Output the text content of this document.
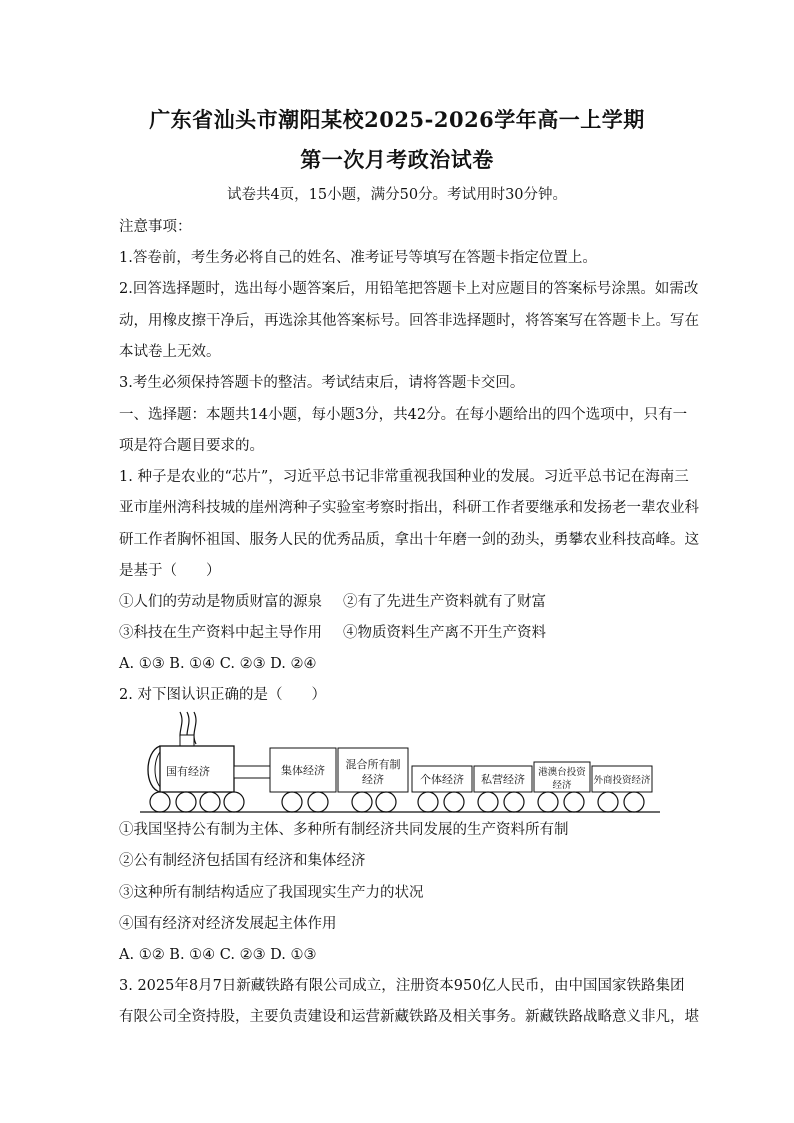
广东省汕头市潮阳某校2025-2026学年高一上学期
第一次月考政治试卷
试卷共4页，15小题，满分50分。考试用时30分钟。
注意事项：
1.答卷前，考生务必将自己的姓名、准考证号等填写在答题卡指定位置上。
2.回答选择题时，选出每小题答案后，用铅笔把答题卡上对应题目的答案标号涂黑。如需改
动，用橡皮擦干净后，再选涂其他答案标号。回答非选择题时，将答案写在答题卡上。写在
本试卷上无效。
3.考生必须保持答题卡的整洁。考试结束后，请将答题卡交回。
一、选择题：本题共14小题，每小题3分，共42分。在每小题给出的四个选项中，只有一
项是符合题目要求的。
1. 种子是农业的“芯片”，习近平总书记非常重视我国种业的发展。习近平总书记在海南三
亚市崖州湾科技城的崖州湾种子实验室考察时指出，科研工作者要继承和发扬老一辈农业科
研工作者胸怀祖国、服务人民的优秀品质，拿出十年磨一剑的劲头，勇攀农业科技高峰。这
是基于（　　）
①人们的劳动是物质财富的源泉 ②有了先进生产资料就有了财富
③科技在生产资料中起主导作用 ④物质资料生产离不开生产资料
A. ①③ B. ①④ C. ②③ D. ②④
2. 对下图认识正确的是（　　）
国有经济	集体经济 混合所有制
经济	个体经济 私营经济
港澳台投资
经济 外商投资经济
①我国坚持公有制为主体、多种所有制经济共同发展的生产资料所有制
②公有制经济包括国有经济和集体经济
③这种所有制结构适应了我国现实生产力的状况
④国有经济对经济发展起主体作用
A. ①② B. ①④ C. ②③ D. ①③
3. 2025年8月7日新藏铁路有限公司成立，注册资本950亿人民币，由中国国家铁路集团
有限公司全资持股，主要负责建设和运营新藏铁路及相关事务。新藏铁路战略意义非凡，堪
